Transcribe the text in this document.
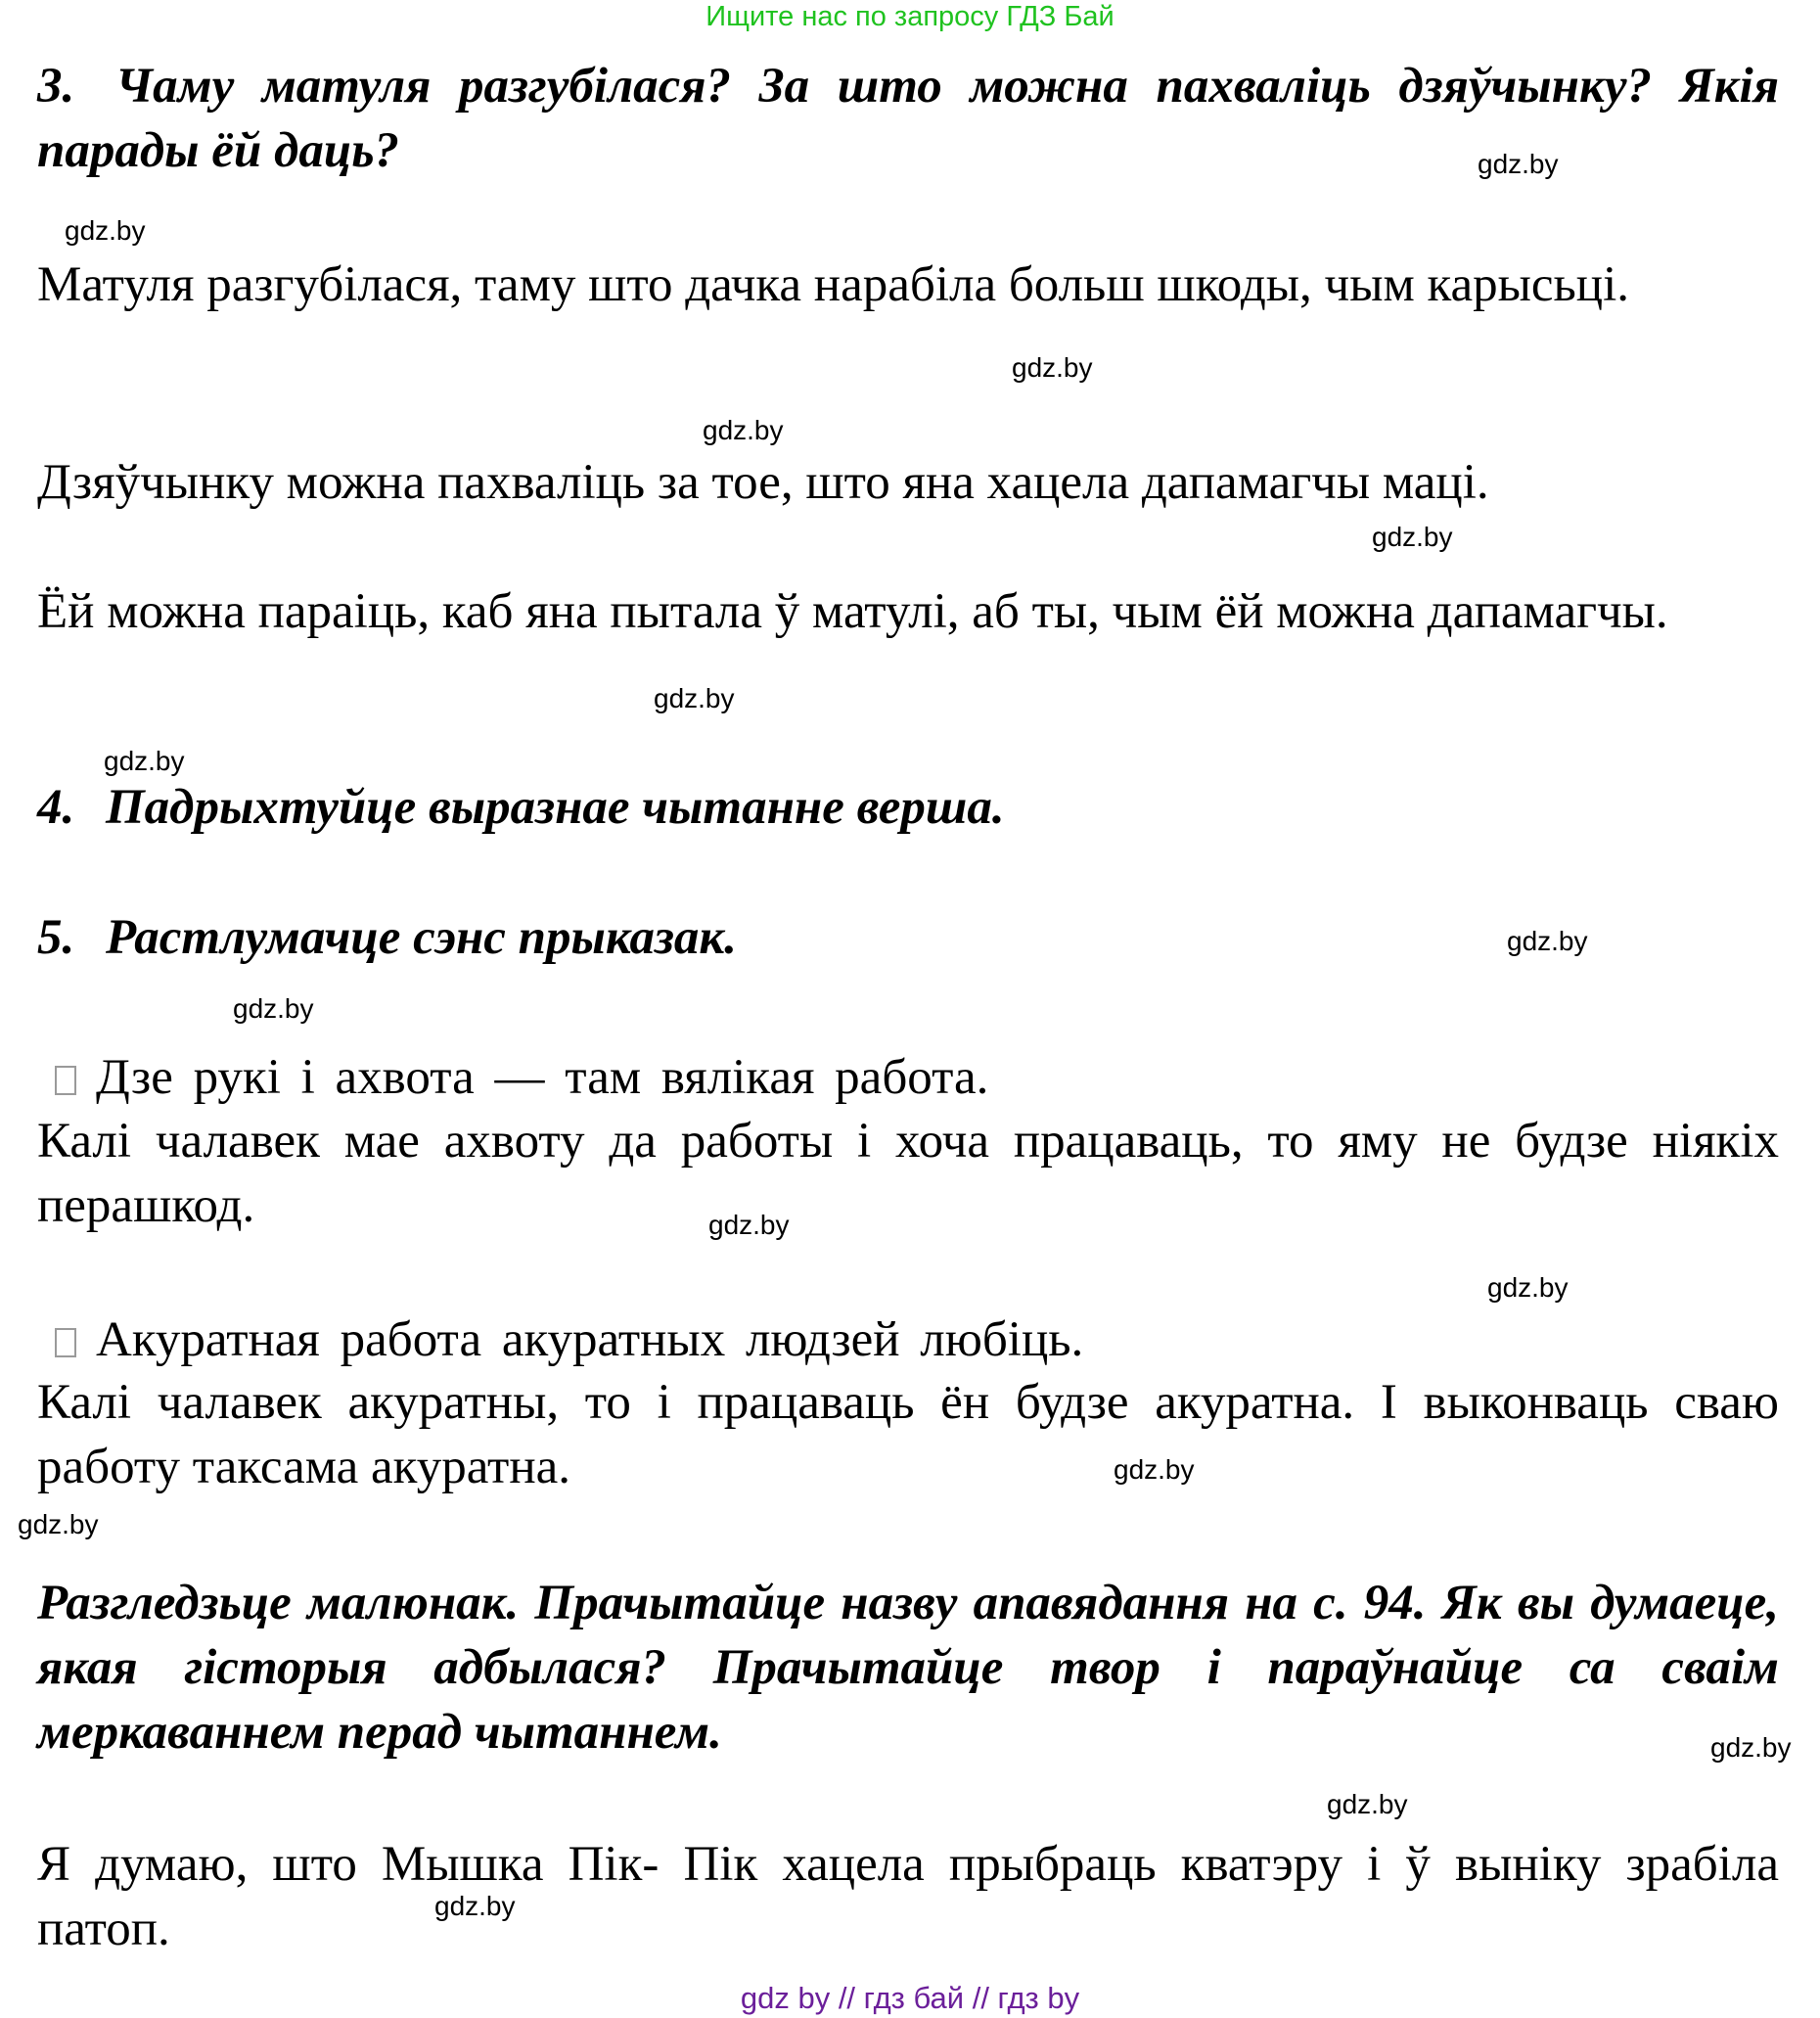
Ищите нас по запросу ГДЗ Бай
3. Чаму матуля разгубілася? За што можна пахваліць дзяўчынку? Якія парады ёй даць?
Матуля разгубілася, таму што дачка нарабіла больш шкоды, чым карысьці.
Дзяўчынку можна пахваліць за тое, што яна хацела дапамагчы маці.
Ёй можна параіць, каб яна пытала ў матулі, аб ты, чым ёй можна дапамагчы.
4. Падрыхтуйце выразнае чытанне верша.
5. Растлумачце сэнс прыказак.
Дзе рукі і ахвота — там вялікая работа.
Калі чалавек мае ахвоту да работы і хоча працаваць, то яму не будзе ніякіх перашкод.
Акуратная работа акуратных людзей любіць.
Калі чалавек акуратны, то і працаваць ён будзе акуратна. І выконваць сваю работу таксама акуратна.
Разгледзьце малюнак. Прачытайце назву апавядання на с. 94. Як вы думаеце, якая гісторыя адбылася? Прачытайце твор і параўнайце са сваім меркаваннем перад чытаннем.
Я думаю, што Мышка Пік- Пік хацела прыбраць кватэру і ў выніку зрабіла патоп.
gdz.by
gdz.by
gdz.by
gdz.by
gdz.by
gdz.by
gdz.by
gdz.by
gdz.by
gdz.by
gdz.by
gdz.by
gdz.by
gdz.by
gdz.by
gdz.by
gdz by // гдз бай // гдз by
